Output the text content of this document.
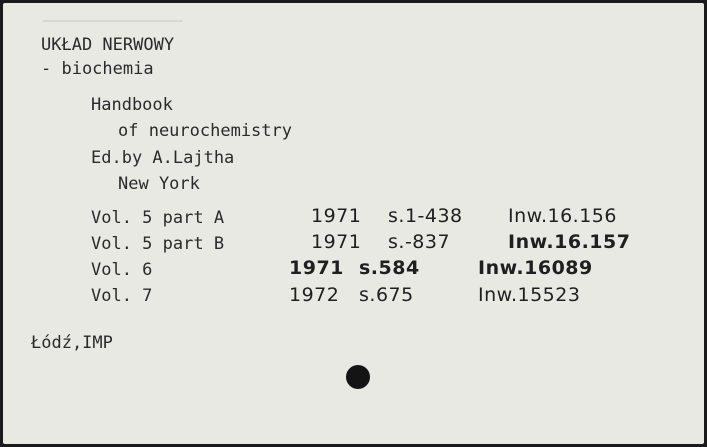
UKŁAD NERWOWY
- biochemia
Handbook
of neurochemistry
Ed.by A.Lajtha
New York
Vol. 5 part A	1971 s.1-438 Inw.16.156
Vol. 5 part B	1971 s.-837	Inw.16.157
Vol. 6	1971 s.584	Inw.16089
Vol. 7	1972 s.675	Inw.15523
Łódź,IMP
